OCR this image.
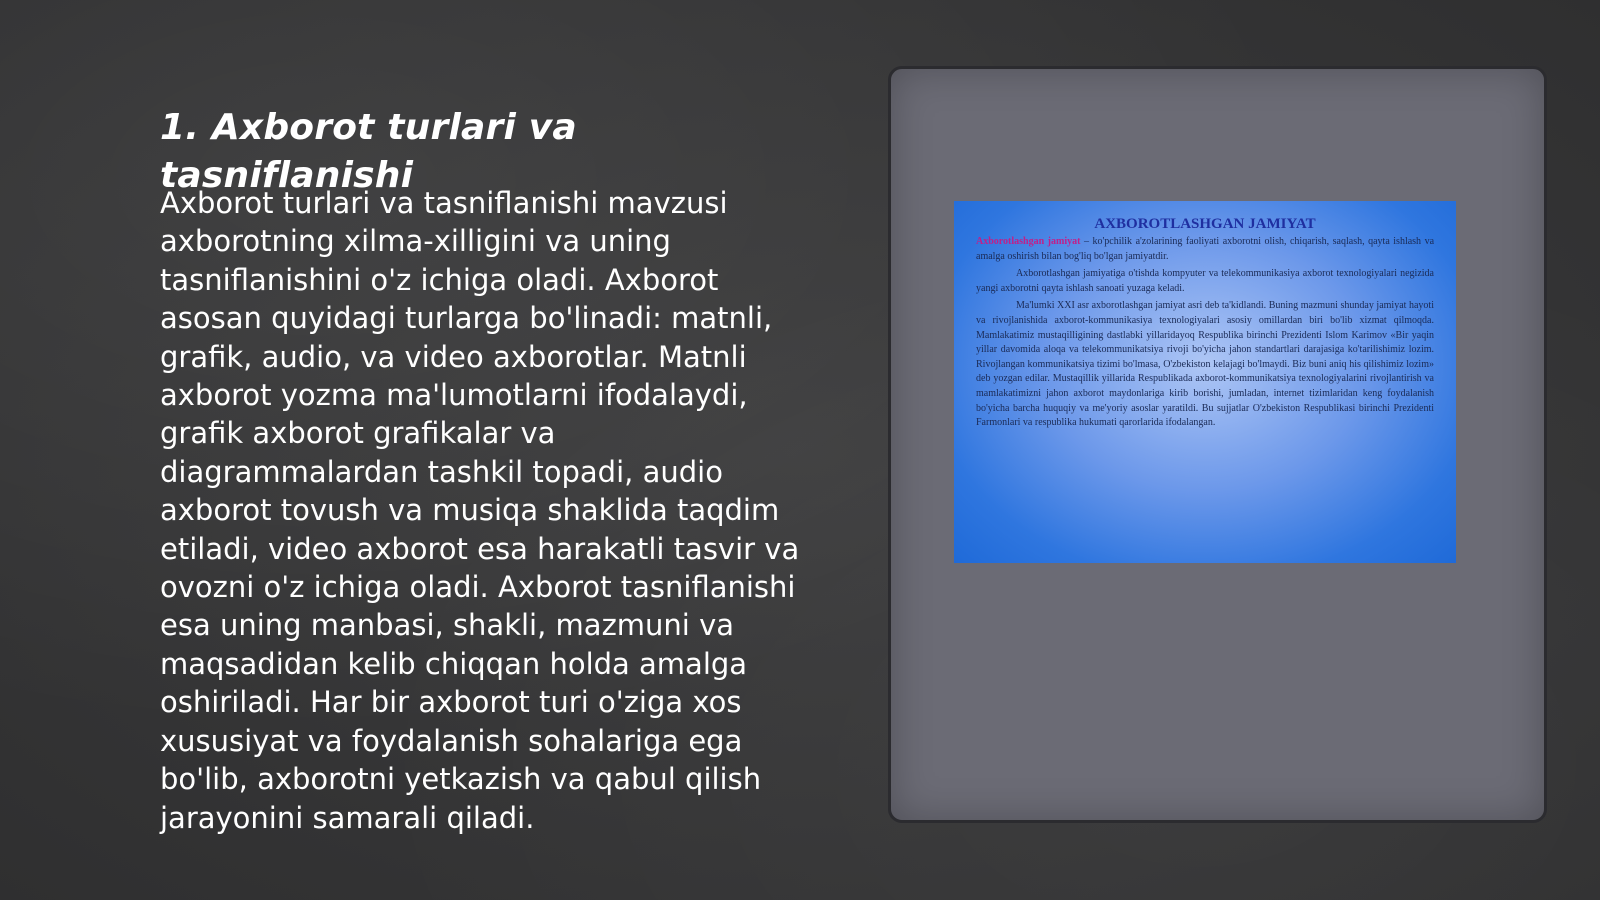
1. Axborot turlari va tasniflanishi

Axborot turlari va tasniflanishi mavzusi axborotning xilma-xilligini va uning tasniflanishini o'z ichiga oladi. Axborot asosan quyidagi turlarga bo'linadi: matnli, grafik, audio, va video axborotlar. Matnli axborot yozma ma'lumotlarni ifodalaydi, grafik axborot grafikalar va diagrammalardan tashkil topadi, audio axborot tovush va musiqa shaklida taqdim etiladi, video axborot esa harakatli tasvir va ovozni o'z ichiga oladi. Axborot tasniflanishi esa uning manbasi, shakli, mazmuni va maqsadidan kelib chiqqan holda amalga oshiriladi. Har bir axborot turi o'ziga xos xususiyat va foydalanish sohalariga ega bo'lib, axborotni yetkazish va qabul qilish jarayonini samarali qiladi.

AXBOROTLASHGAN JAMIYAT

Axborotlashgan jamiyat – ko'pchilik a'zolarining faoliyati axborotni olish, chiqarish, saqlash, qayta ishlash va amalga oshirish bilan bog'liq bo'lgan jamiyatdir.

Axborotlashgan jamiyatiga o'tishda kompyuter va telekommunikasiya axborot texnologiyalari negizida yangi axborotni qayta ishlash sanoati yuzaga keladi.

Ma'lumki XXI asr axborotlashgan jamiyat asri deb ta'kidlandi. Buning mazmuni shunday jamiyat hayoti va rivojlanishida axborot-kommunikasiya texnologiyalari asosiy omillardan biri bo'lib xizmat qilmoqda. Mamlakatimiz mustaqilligining dastlabki yillaridayoq Respublika birinchi Prezidenti Islom Karimov «Bir yaqin yillar davomida aloqa va telekommunikatsiya rivoji bo'yicha jahon standartlari darajasiga ko'tarilishimiz lozim. Rivojlangan kommunikatsiya tizimi bo'lmasa, O'zbekiston kelajagi bo'lmaydi. Biz buni aniq his qilishimiz lozim» deb yozgan edilar. Mustaqillik yillarida Respublikada axborot-kommunikatsiya texnologiyalarini rivojlantirish va mamlakatimizni jahon axborot maydonlariga kirib borishi, jumladan, internet tizimlaridan keng foydalanish bo'yicha barcha huquqiy va me'yoriy asoslar yaratildi. Bu sujjatlar O'zbekiston Respublikasi birinchi Prezidenti Farmonlari va respublika hukumati qarorlarida ifodalangan.
